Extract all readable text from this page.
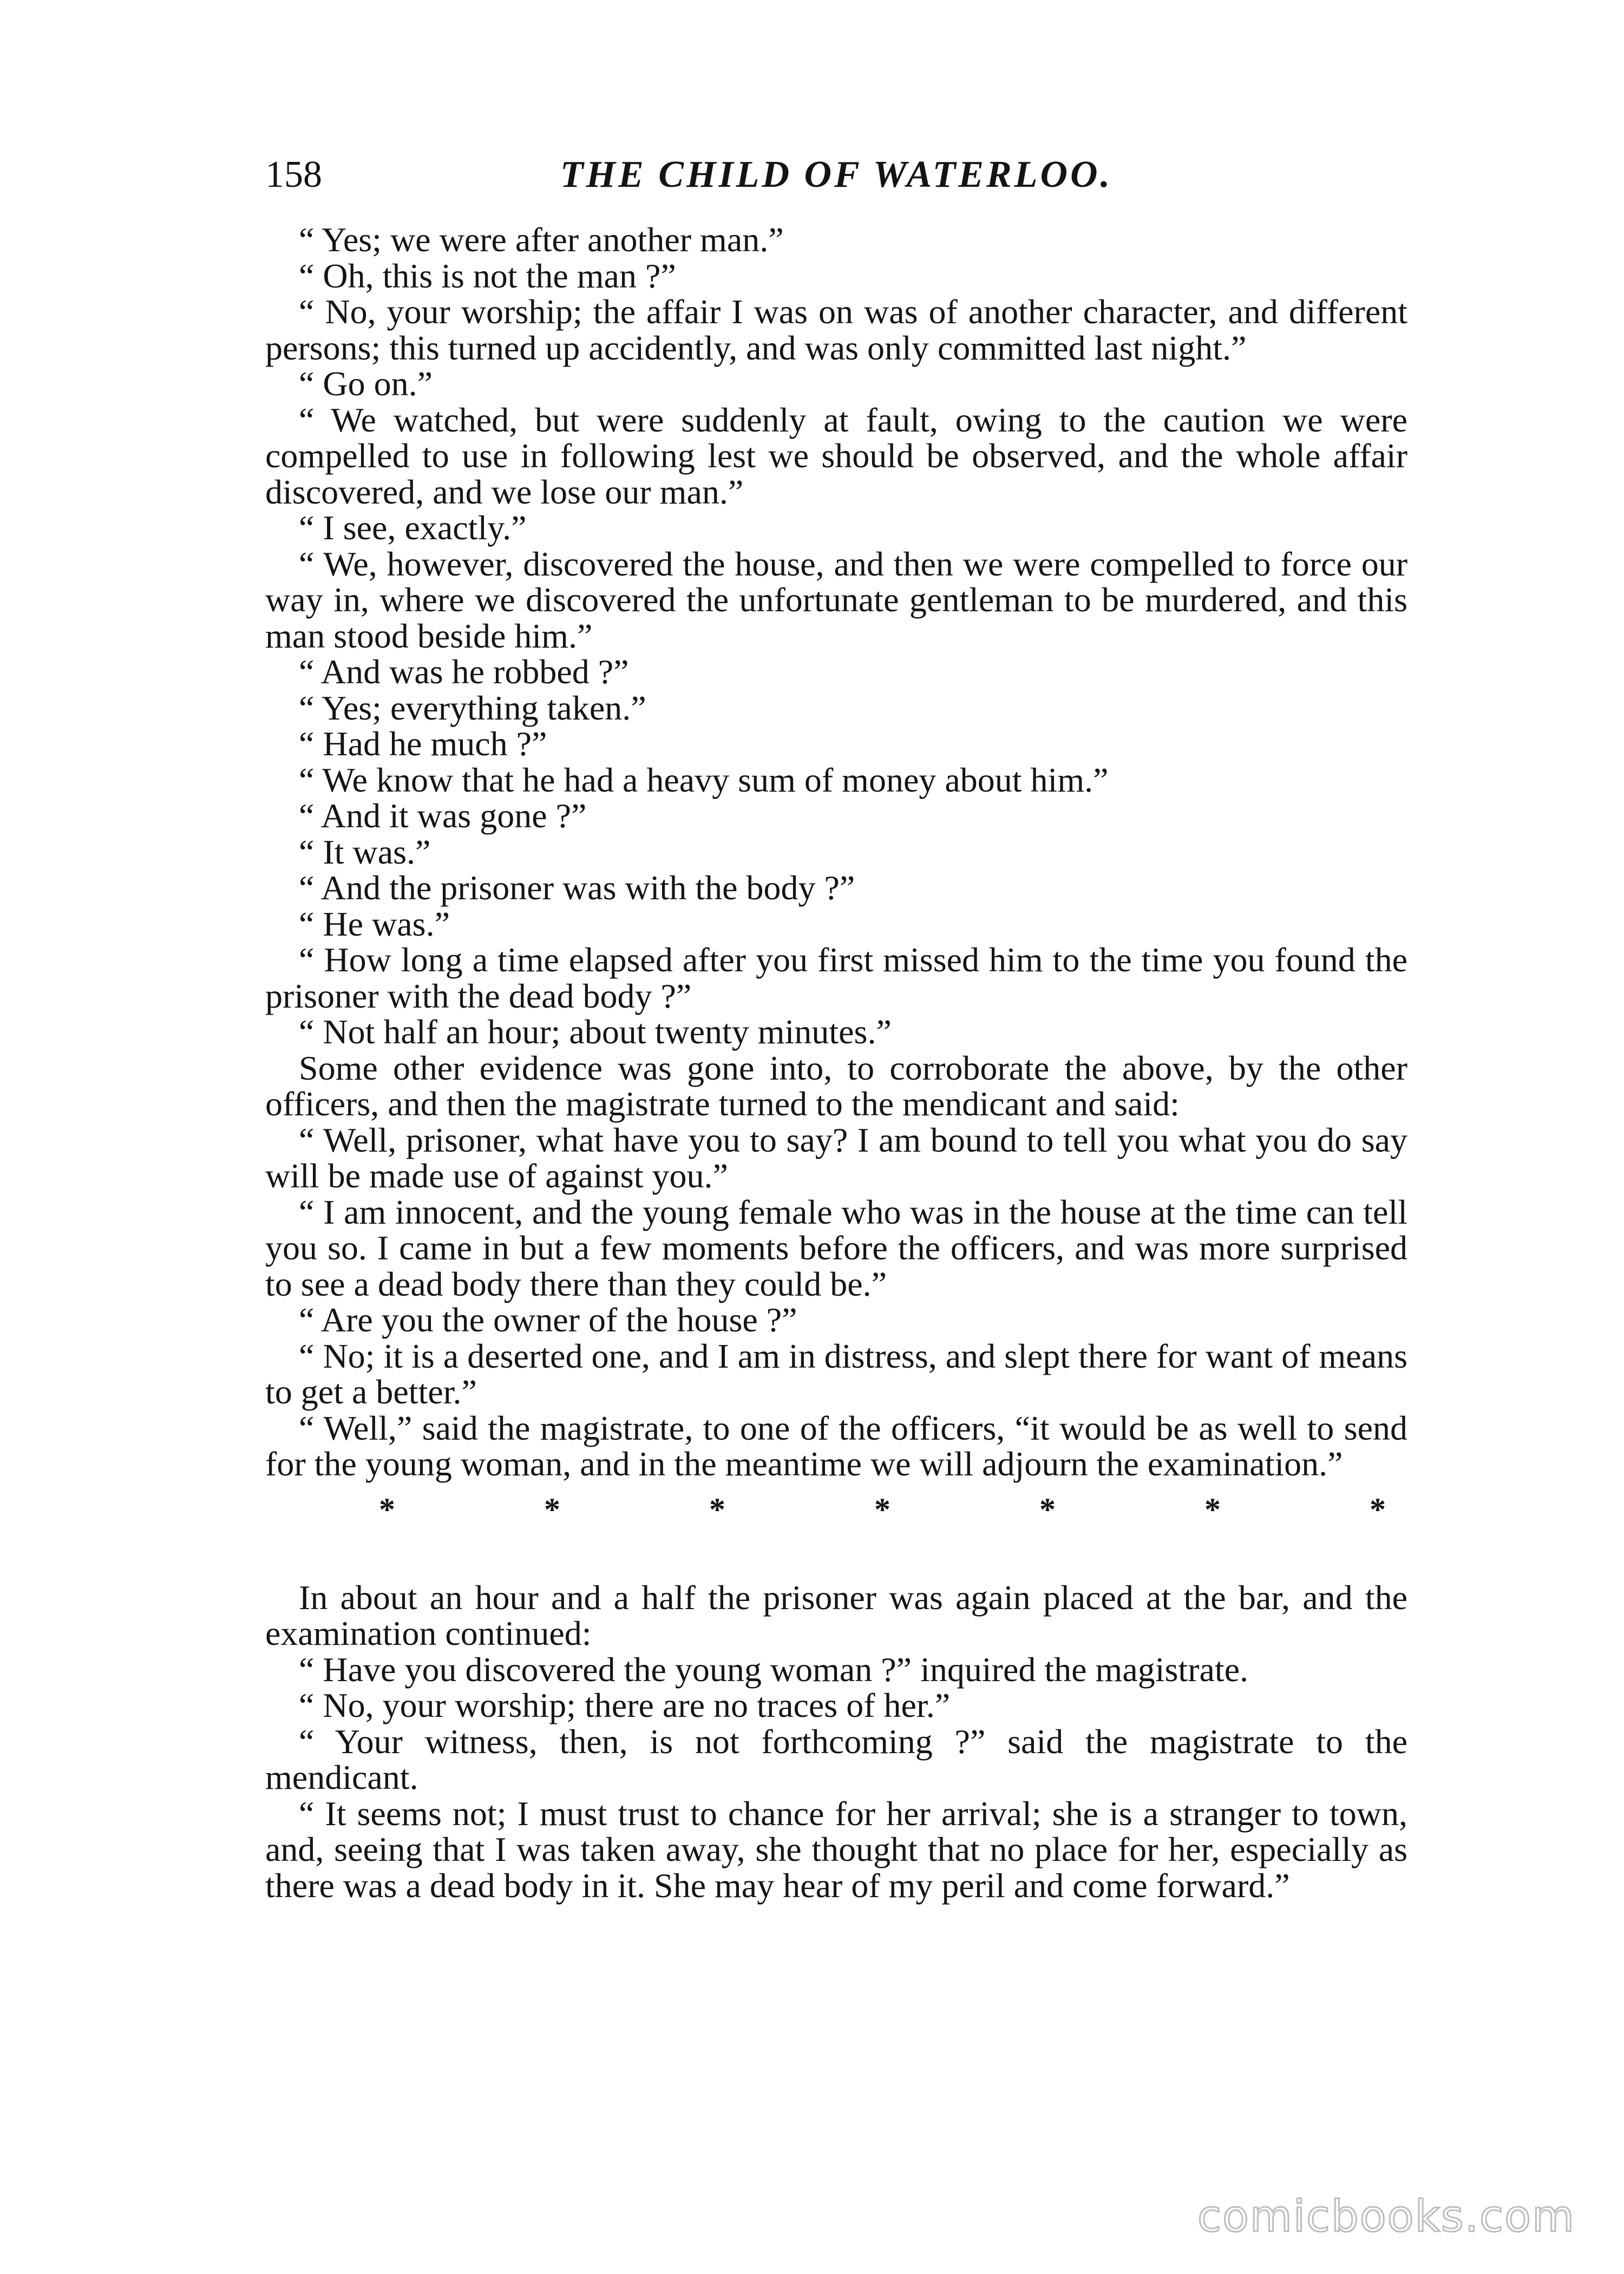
158	THE CHILD OF WATERLOO.

“ Yes; we were after another man.”

“ Oh, this is not the man ?”

“ No, your worship; the affair I was on was of another character, and different persons; this turned up accidently, and was only committed last night.”

“ Go on.”

“ We watched, but were suddenly at fault, owing to the caution we were compelled to use in following lest we should be observed, and the whole affair discovered, and we lose our man.”

“ I see, exactly.”

“ We, however, discovered the house, and then we were compelled to force our way in, where we discovered the unfortunate gentleman to be murdered, and this man stood beside him.”

“ And was he robbed ?”

“ Yes; everything taken.”

“ Had he much ?”

“ We know that he had a heavy sum of money about him.”

“ And it was gone ?”

“ It was.”

“ And the prisoner was with the body ?”

“ He was.”

“ How long a time elapsed after you first missed him to the time you found the prisoner with the dead body ?”

“ Not half an hour; about twenty minutes.”

Some other evidence was gone into, to corroborate the above, by the other officers, and then the magistrate turned to the mendicant and said:

“ Well, prisoner, what have you to say? I am bound to tell you what you do say will be made use of against you.”

“ I am innocent, and the young female who was in the house at the time can tell you so. I came in but a few moments before the officers, and was more surprised to see a dead body there than they could be.”

“ Are you the owner of the house ?”

“ No; it is a deserted one, and I am in distress, and slept there for want of means to get a better.”

“ Well,” said the magistrate, to one of the officers, “it would be as well to send for the young woman, and in the meantime we will adjourn the examination.”

*	*	*	*	*	*	*

In about an hour and a half the prisoner was again placed at the bar, and the examination continued:

“ Have you discovered the young woman ?” inquired the magistrate.

“ No, your worship; there are no traces of her.”

“ Your witness, then, is not forthcoming ?” said the magistrate to the mendicant.

“ It seems not; I must trust to chance for her arrival; she is a stranger to town, and, seeing that I was taken away, she thought that no place for her, especially as there was a dead body in it. She may hear of my peril and come forward.”

comicbooks.com
